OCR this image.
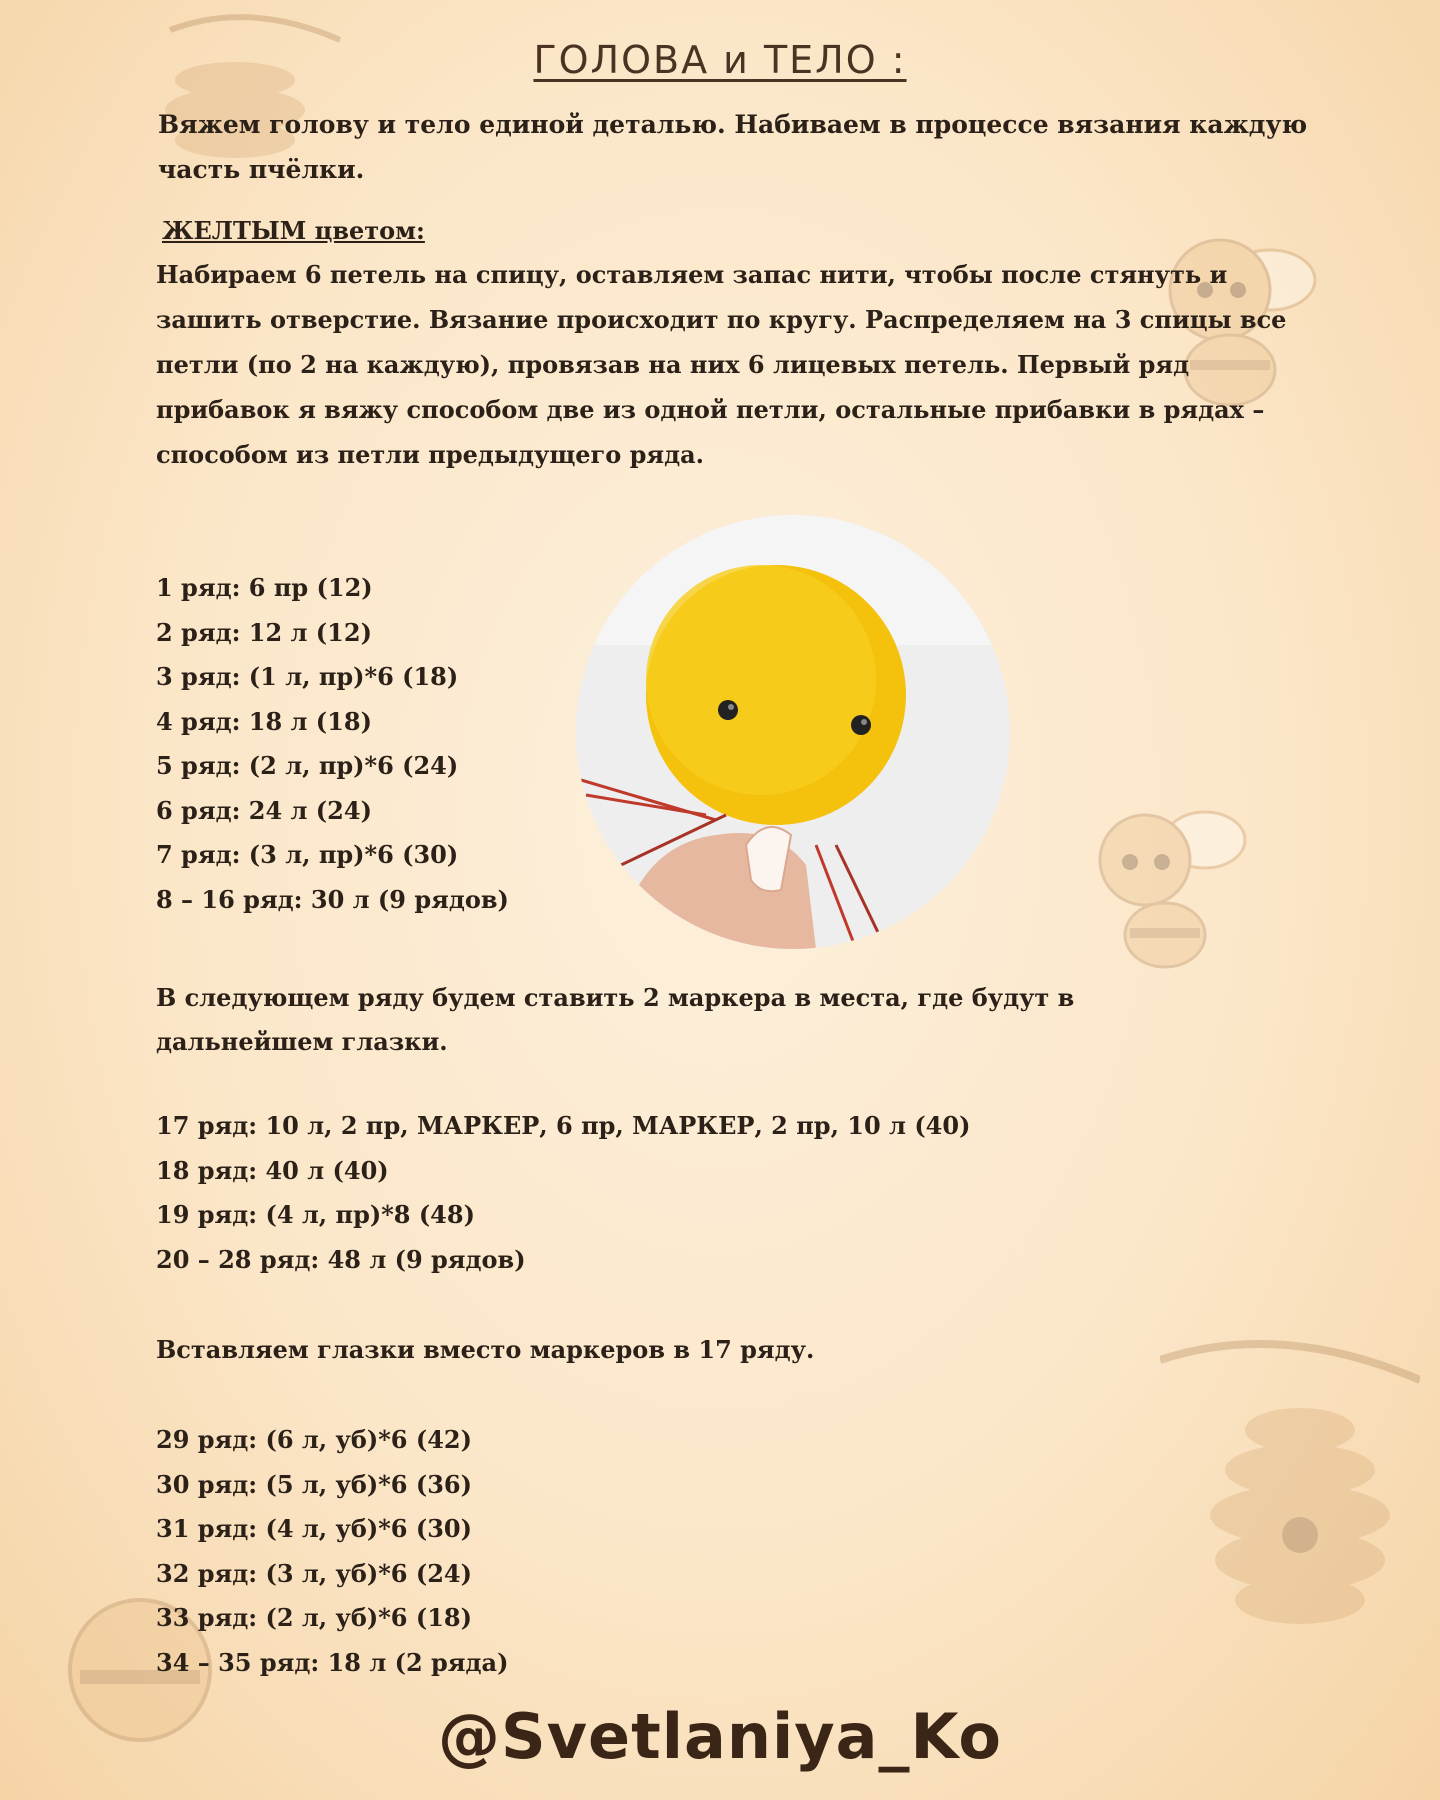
ГОЛОВА и ТЕЛО :
Вяжем голову и тело единой деталью. Набиваем в процессе вязания каждую часть пчёлки.
ЖЕЛТЫМ цветом:
Набираем 6 петель на спицу, оставляем запас нити, чтобы после стянуть и зашить отверстие. Вязание происходит по кругу. Распределяем на 3 спицы все петли (по 2 на каждую), провязав на них 6 лицевых петель. Первый ряд прибавок я вяжу способом две из одной петли, остальные прибавки в рядах – способом из петли предыдущего ряда.
1 ряд: 6 пр (12)
2 ряд: 12 л (12)
3 ряд: (1 л, пр)*6 (18)
4 ряд: 18 л (18)
5 ряд: (2 л, пр)*6 (24)
6 ряд: 24 л (24)
7 ряд: (3 л, пр)*6 (30)
8 – 16 ряд: 30 л (9 рядов)
В следующем ряду будем ставить 2 маркера в места, где будут в дальнейшем глазки.
17 ряд: 10 л, 2 пр, МАРКЕР, 6 пр, МАРКЕР, 2 пр, 10 л (40)
18 ряд: 40 л (40)
19 ряд: (4 л, пр)*8 (48)
20 – 28 ряд: 48 л (9 рядов)
Вставляем глазки вместо маркеров в 17 ряду.
29 ряд: (6 л, уб)*6 (42)
30 ряд: (5 л, уб)*6 (36)
31 ряд: (4 л, уб)*6 (30)
32 ряд: (3 л, уб)*6 (24)
33 ряд: (2 л, уб)*6 (18)
34 – 35 ряд: 18 л (2 ряда)
@Svetlaniya_Ko
